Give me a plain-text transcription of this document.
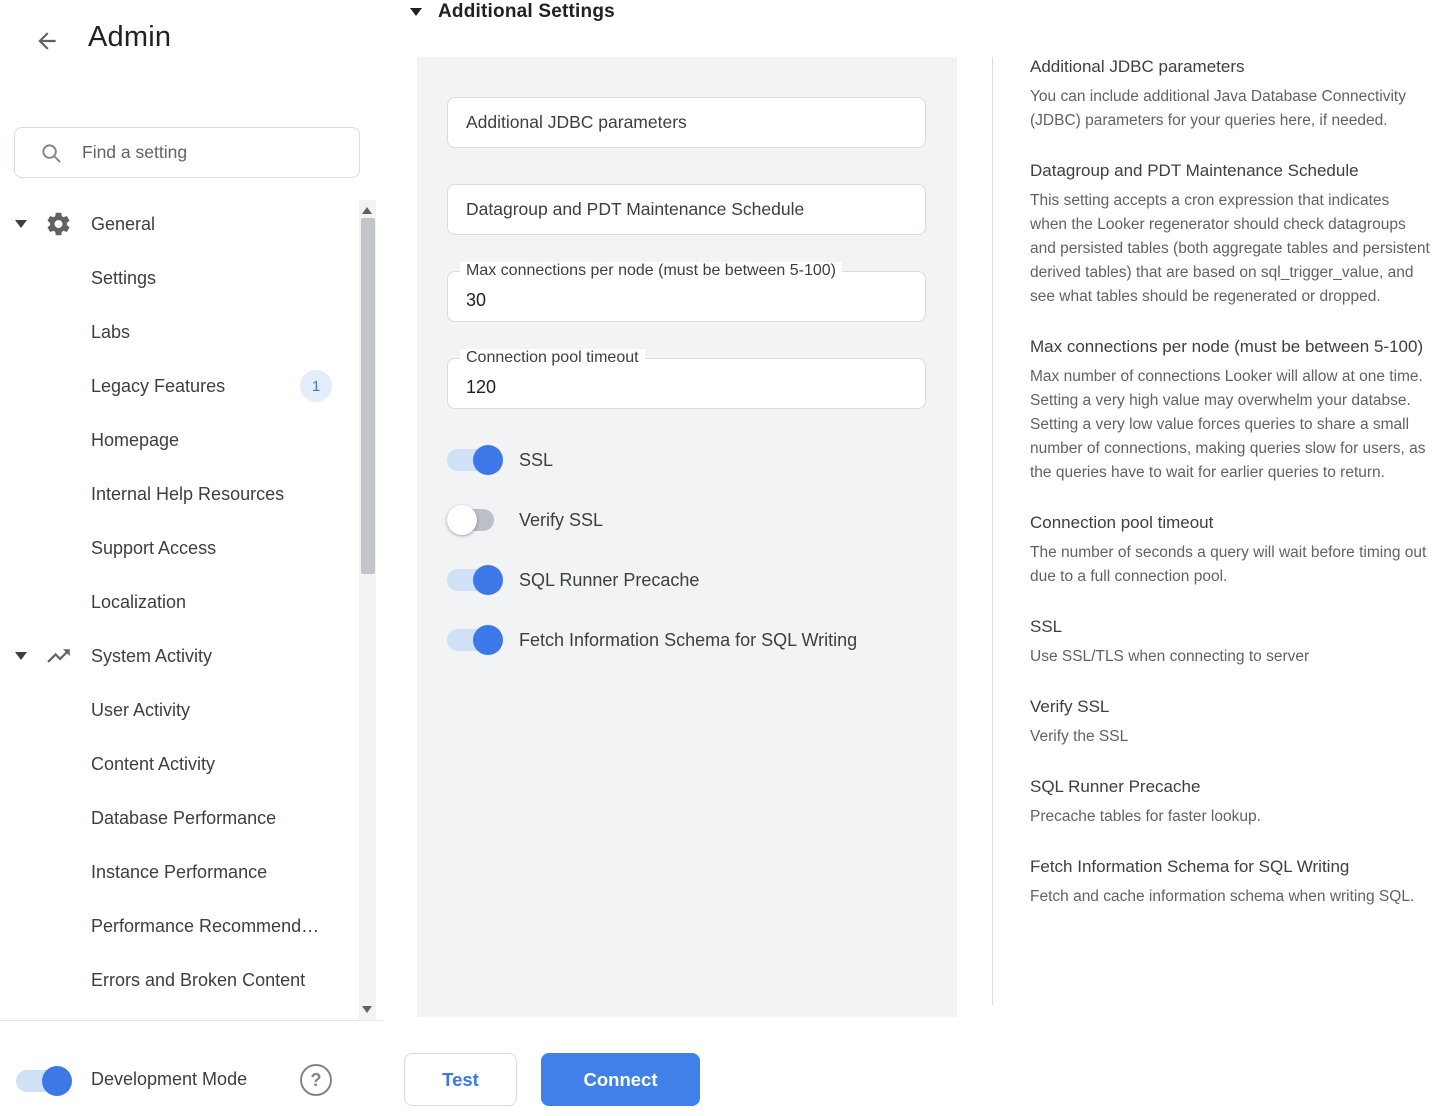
Admin
Find a setting
General
Settings
Labs
Legacy Features	1
Homepage
Internal Help Resources
Support Access
Localization
System Activity
User Activity
Content Activity
Database Performance
Instance Performance
Performance Recommend…
Errors and Broken Content
Development Mode	?
Additional Settings
Additional JDBC parameters
Datagroup and PDT Maintenance Schedule
Max connections per node (must be between 5-100)
30
Connection pool timeout
120
SSL
Verify SSL
SQL Runner Precache
Fetch Information Schema for SQL Writing
Additional JDBC parameters
You can include additional Java Database Connectivity (JDBC) parameters for your queries here, if needed.
Datagroup and PDT Maintenance Schedule
This setting accepts a cron expression that indicates when the Looker regenerator should check datagroups and persisted tables (both aggregate tables and persistent derived tables) that are based on sql_trigger_value, and see what tables should be regenerated or dropped.
Max connections per node (must be between 5-100)
Max number of connections Looker will allow at one time. Setting a very high value may overwhelm your databse. Setting a very low value forces queries to share a small number of connections, making queries slow for users, as the queries have to wait for earlier queries to return.
Connection pool timeout
The number of seconds a query will wait before timing out due to a full connection pool.
SSL
Use SSL/TLS when connecting to server
Verify SSL
Verify the SSL
SQL Runner Precache
Precache tables for faster lookup.
Fetch Information Schema for SQL Writing
Fetch and cache information schema when writing SQL.
Test	Connect
